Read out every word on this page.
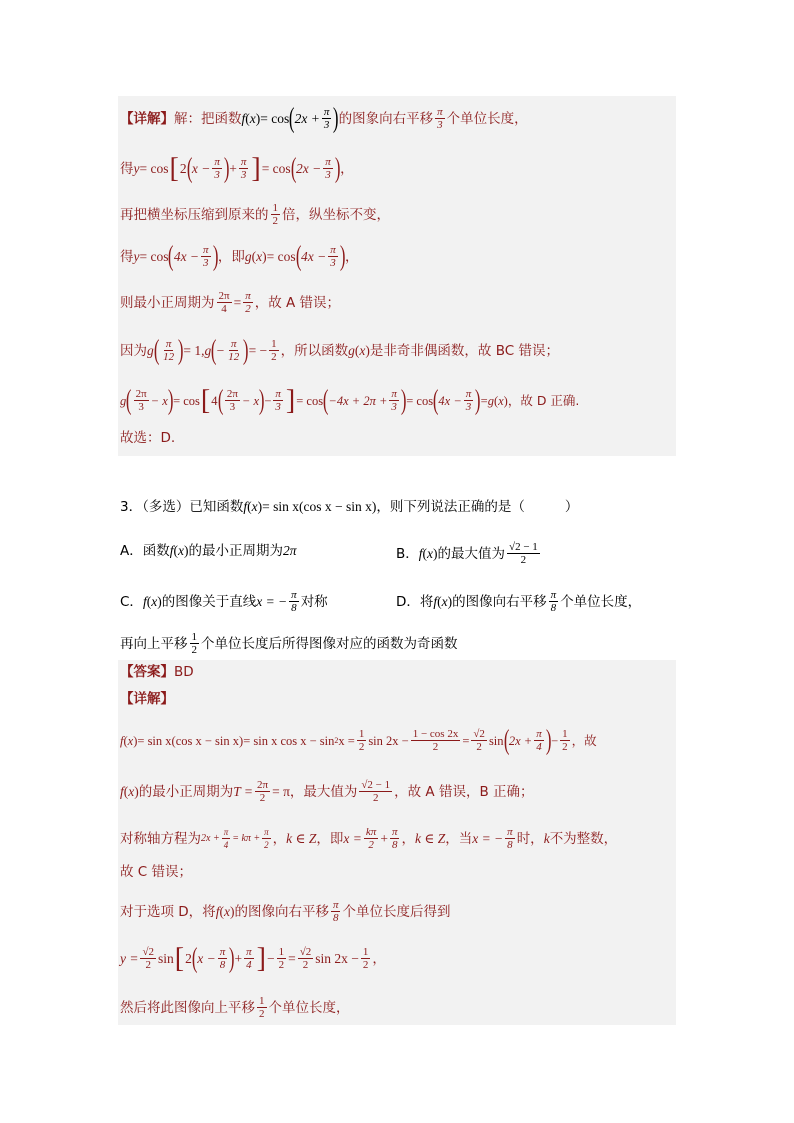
【详解】 解：把函数 f (x) = cos ( $2x + \frac{\pi}{3}$ ) 的图象向右平移 $\frac{\pi}{3}$ 个单位长度，
得 y = cos [ 2 ( $x - \frac{\pi}{3}$ ) + $\frac{\pi}{3}$ ] = cos ( $2x - \frac{\pi}{3}$ ) ，
再把横坐标压缩到原来的 $\frac{1}{2}$ 倍，纵坐标不变，
得 y = cos ( $4x - \frac{\pi}{3}$ ) ，即 g (x) = cos ( $4x - \frac{\pi}{3}$ ) ，
则最小正周期为 $\frac{2\pi}{4} = \frac{\pi}{2}$ ，故 A 错误；
因为 g ( $\frac{\pi}{12}$ ) = 1, g ( − $\frac{\pi}{12}$ ) = − $\frac{1}{2}$ ，所以函数 g (x) 是非奇非偶函数，故 BC 错误；
g ( $\frac{2\pi}{3} - x$ ) = cos [ 4 ( $\frac{2\pi}{3} - x$ ) − $\frac{\pi}{3}$ ] = cos ( $-4x + 2\pi + \frac{\pi}{3}$ ) = cos ( $4x - \frac{\pi}{3}$ ) = g (x) ，故 D 正确.
故选：D.
3．（多选）已知函数 f (x) = sin x (cos x − sin x) ，则下列说法正确的是（	）
A．函数 f (x) 的最小正周期为 2π	B． f (x) 的最大值为 $\frac{√2 - 1}{2}$
C． f (x) 的图像关于直线 x = − $\frac{\pi}{8}$ 对称	D．将 f (x) 的图像向右平移 $\frac{\pi}{8}$ 个单位长度，
再向上平移 $\frac{1}{2}$ 个单位长度后所得图像对应的函数为奇函数
【答案】 BD
【详解】
f (x) = sin x (cos x − sin x) = sin x cos x − sin 2 $x = \frac{1}{2}$ $\sin 2x - \frac{1 - \cos 2x}{2} = \frac{√2}{2}$ sin ( $2x + \frac{\pi}{4}$ ) − $\frac{1}{2}$ ，故
f (x) 的最小正周期为 $T = \frac{2\pi}{2} = \pi$ ，最大值为 $\frac{√2 - 1}{2}$ ，故 A 错误，B 正确；
对称轴方程为 $2x + \frac{\pi}{4} = k\pi + \frac{\pi}{2}$ ， k ∈ Z ，即 $x = \frac{k\pi}{2} + \frac{\pi}{8}$ ， k ∈ Z ，当 x = − $\frac{\pi}{8}$ 时， k 不为整数，
故 C 错误；
对于选项 D，将 f (x) 的图像向右平移 $\frac{\pi}{8}$ 个单位长度后得到
$y = \frac{√2}{2}$ sin [ 2 ( $x - \frac{\pi}{8}$ ) + $\frac{\pi}{4}$ ] − $\frac{1}{2} = \frac{√2}{2}$ $\sin 2x - \frac{1}{2}$ ，
然后将此图像向上平移 $\frac{1}{2}$ 个单位长度，
